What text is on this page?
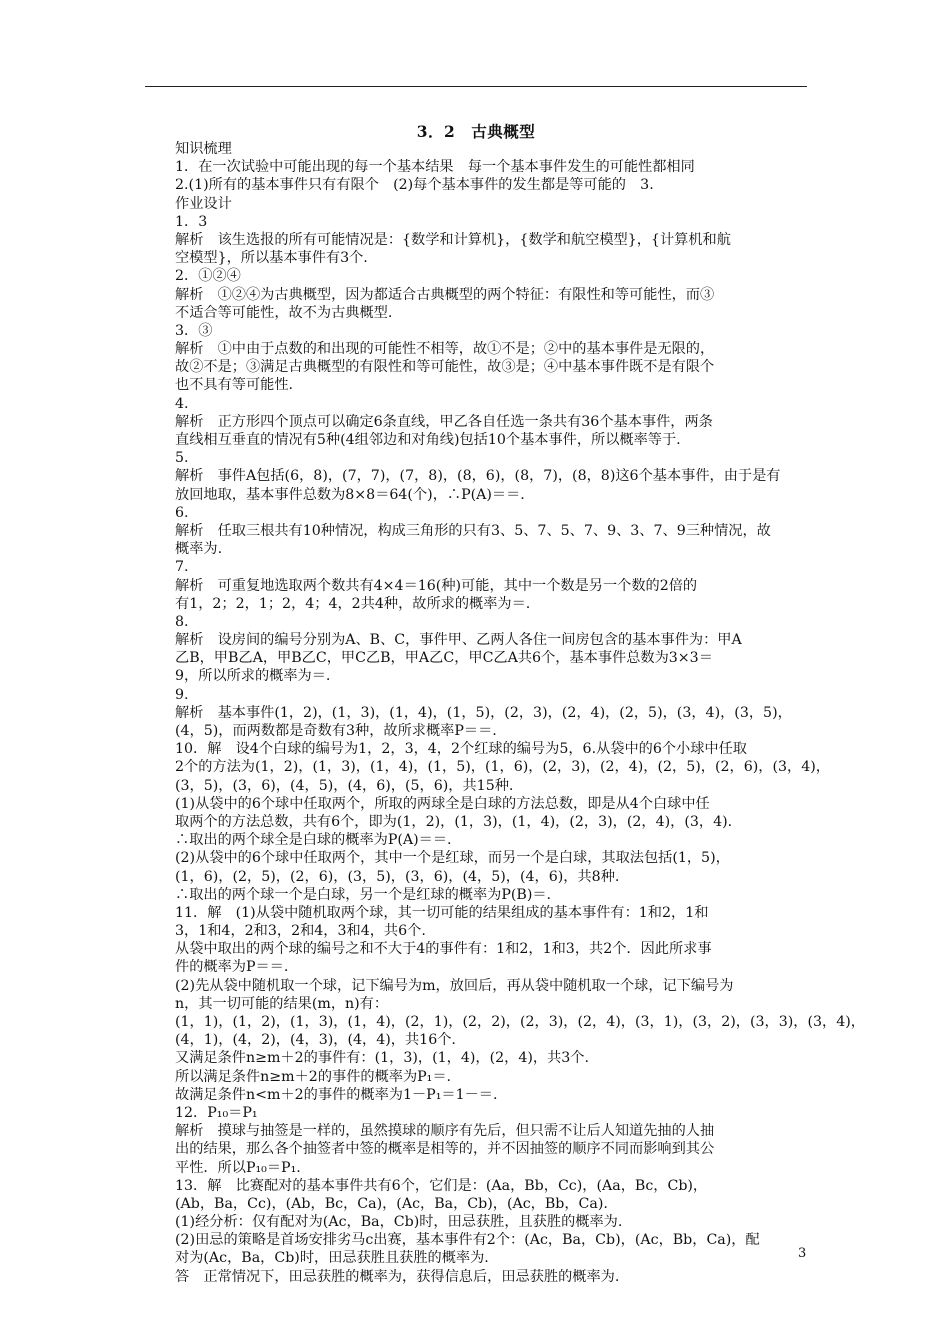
3．2　古典概型
知识梳理
1．在一次试验中可能出现的每一个基本结果　每一个基本事件发生的可能性都相同
2.(1)所有的基本事件只有有限个　(2)每个基本事件的发生都是等可能的　3.
作业设计
1．3
解析　该生选报的所有可能情况是：{数学和计算机}，{数学和航空模型}，{计算机和航
空模型}，所以基本事件有3个.
2．①②④
解析　①②④为古典概型，因为都适合古典概型的两个特征：有限性和等可能性，而③
不适合等可能性，故不为古典概型.
3．③
解析　①中由于点数的和出现的可能性不相等，故①不是；②中的基本事件是无限的，
故②不是；③满足古典概型的有限性和等可能性，故③是；④中基本事件既不是有限个
也不具有等可能性.
4.
解析　正方形四个顶点可以确定6条直线，甲乙各自任选一条共有36个基本事件，两条
直线相互垂直的情况有5种(4组邻边和对角线)包括10个基本事件，所以概率等于.
5.
解析　事件A包括(6，8)，(7，7)，(7，8)，(8，6)，(8，7)，(8，8)这6个基本事件，由于是有
放回地取，基本事件总数为8×8＝64(个)，∴P(A)＝＝.
6.
解析　任取三根共有10种情况，构成三角形的只有3、5、7、5、7、9、3、7、9三种情况，故
概率为.
7.
解析　可重复地选取两个数共有4×4＝16(种)可能，其中一个数是另一个数的2倍的
有1，2；2，1；2，4；4，2共4种，故所求的概率为＝.
8.
解析　设房间的编号分别为A、B、C，事件甲、乙两人各住一间房包含的基本事件为：甲A
乙B，甲B乙A，甲B乙C，甲C乙B，甲A乙C，甲C乙A共6个，基本事件总数为3×3＝
9，所以所求的概率为＝.
9.
解析　基本事件(1，2)，(1，3)，(1，4)，(1，5)，(2，3)，(2，4)，(2，5)，(3，4)，(3，5)，
(4，5)，而两数都是奇数有3种，故所求概率P＝＝.
10．解　设4个白球的编号为1，2，3，4，2个红球的编号为5，6.从袋中的6个小球中任取
2个的方法为(1，2)，(1，3)，(1，4)，(1，5)，(1，6)，(2，3)，(2，4)，(2，5)，(2，6)，(3，4)，
(3，5)，(3，6)，(4，5)，(4，6)，(5，6)，共15种.
(1)从袋中的6个球中任取两个，所取的两球全是白球的方法总数，即是从4个白球中任
取两个的方法总数，共有6个，即为(1，2)，(1，3)，(1，4)，(2，3)，(2，4)，(3，4).
∴取出的两个球全是白球的概率为P(A)＝＝.
(2)从袋中的6个球中任取两个，其中一个是红球，而另一个是白球，其取法包括(1，5)，
(1，6)，(2，5)，(2，6)，(3，5)，(3，6)，(4，5)，(4，6)，共8种.
∴取出的两个球一个是白球，另一个是红球的概率为P(B)＝.
11．解　(1)从袋中随机取两个球，其一切可能的结果组成的基本事件有：1和2，1和
3，1和4，2和3，2和4，3和4，共6个.
从袋中取出的两个球的编号之和不大于4的事件有：1和2，1和3，共2个．因此所求事
件的概率为P＝＝.
(2)先从袋中随机取一个球，记下编号为m，放回后，再从袋中随机取一个球，记下编号为
n，其一切可能的结果(m，n)有：
(1，1)，(1，2)，(1，3)，(1，4)，(2，1)，(2，2)，(2，3)，(2，4)，(3，1)，(3，2)，(3，3)，(3，4)，
(4，1)，(4，2)，(4，3)，(4，4)，共16个.
又满足条件n≥m＋2的事件有：(1，3)，(1，4)，(2，4)，共3个.
所以满足条件n≥m＋2的事件的概率为P₁＝.
故满足条件n<m＋2的事件的概率为1－P₁＝1－＝.
12．P₁₀＝P₁
解析　摸球与抽签是一样的，虽然摸球的顺序有先后，但只需不让后人知道先抽的人抽
出的结果，那么各个抽签者中签的概率是相等的，并不因抽签的顺序不同而影响到其公
平性．所以P₁₀＝P₁.
13．解　比赛配对的基本事件共有6个，它们是：(Aa，Bb，Cc)，(Aa，Bc，Cb)，
(Ab，Ba，Cc)，(Ab，Bc，Ca)，(Ac，Ba，Cb)，(Ac，Bb，Ca).
(1)经分析：仅有配对为(Ac，Ba，Cb)时，田忌获胜，且获胜的概率为.
(2)田忌的策略是首场安排劣马c出赛，基本事件有2个：(Ac，Ba，Cb)，(Ac，Bb，Ca)，配
对为(Ac，Ba，Cb)时，田忌获胜且获胜的概率为.
答　正常情况下，田忌获胜的概率为，获得信息后，田忌获胜的概率为.
3
